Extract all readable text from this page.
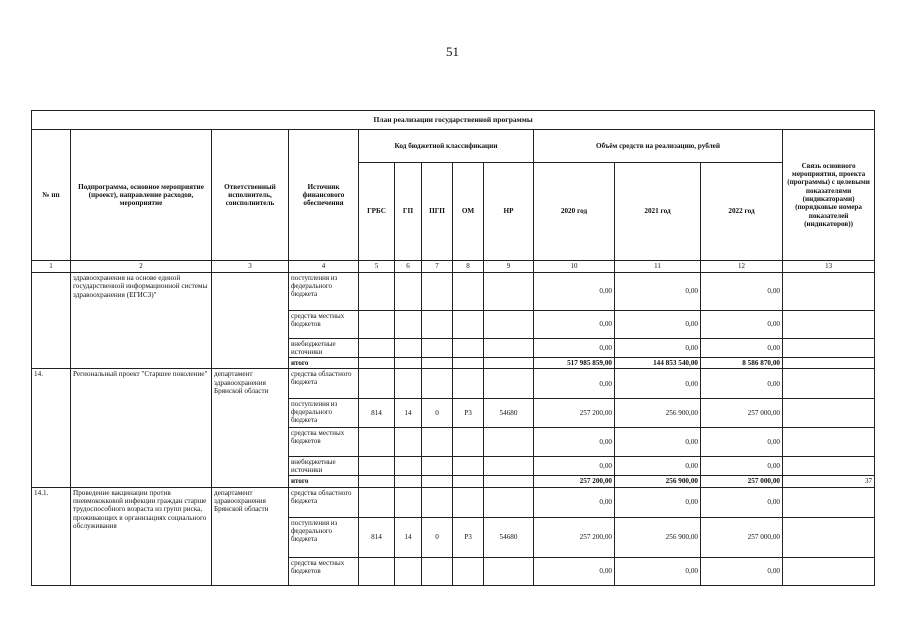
51
План реализации государственной программы												
№ пп	Подпрограмма, основное мероприятие (проект), направление расходов, мероприятие	Ответственный исполнитель, соисполнитель	Источник финансового обеспечения	Код бюджетной классификации					Объём средств на реализацию, рублей			Связь основного мероприятия, проекта (программы) с целевыми показателями (индикаторами) (порядковые номера показателей (индикаторов))
				ГРБС	ГП	ПГП	ОМ	НР	2020 год	2021 год	2022 год	
1	2	3	4	5	6	7	8	9	10	11	12	13
	здравоохранения на основе единой государственной информационной системы здравоохранения (ЕГИСЗ)"		поступления из федерального бюджета						0,00	0,00	0,00	
			средства местных бюджетов						0,00	0,00	0,00	
			внебюджетные источники						0,00	0,00	0,00	
			итого						517 985 859,00	144 853 540,00	8 586 870,00	
14.	Региональный проект "Старшее поколение"	департамент здравоохранения Брянской области	средства областного бюджета						0,00	0,00	0,00	
			поступления из федерального бюджета	814	14	0	Р3	54680	257 200,00	256 900,00	257 000,00	
			средства местных бюджетов						0,00	0,00	0,00	
			внебюджетные источники						0,00	0,00	0,00	
			итого						257 200,00	256 900,00	257 000,00	37
14.1.	Проведение вакцинации против пневмококковой инфекции граждан старше трудоспособного возраста из групп риска, проживающих в организациях социального обслуживания	департамент здравоохранения Брянской области	средства областного бюджета						0,00	0,00	0,00	
			поступления из федерального бюджета	814	14	0	Р3	54680	257 200,00	256 900,00	257 000,00	
			средства местных бюджетов						0,00	0,00	0,00	
